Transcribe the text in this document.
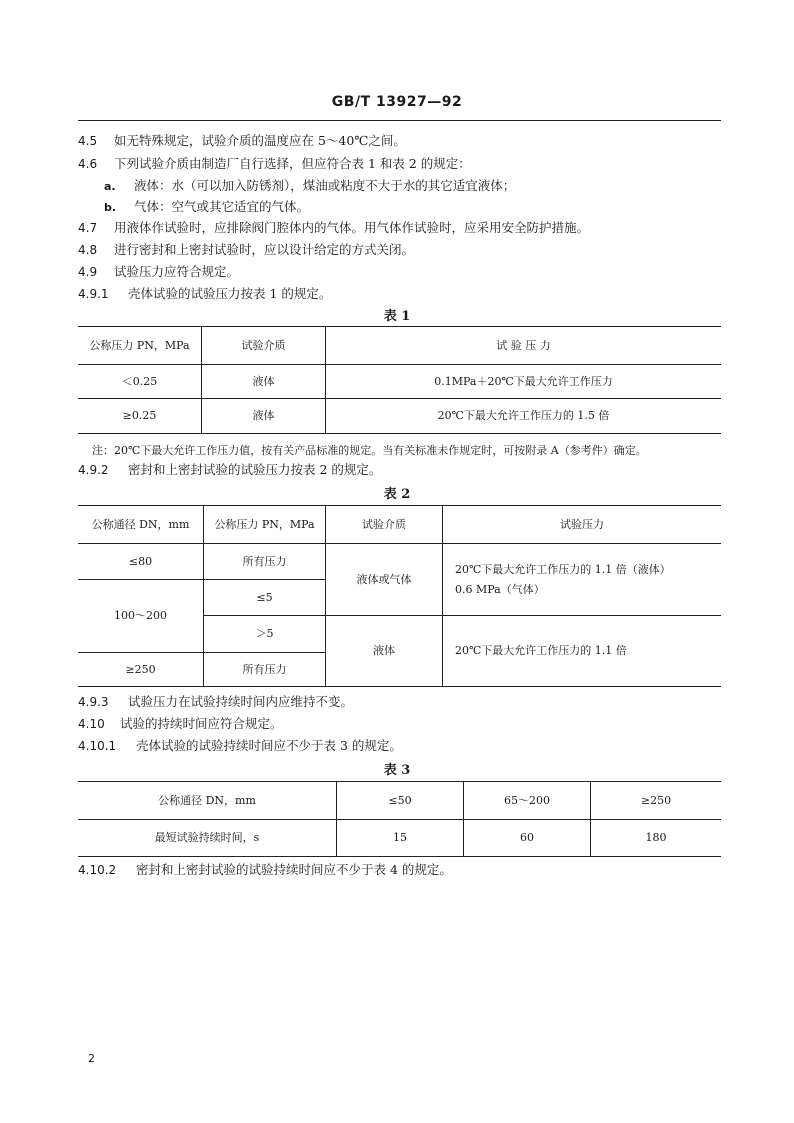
GB/T 13927—92
4.5 如无特殊规定，试验介质的温度应在 5～40℃之间。
4.6 下列试验介质由制造厂自行选择，但应符合表 1 和表 2 的规定：
a. 液体：水（可以加入防锈剂），煤油或粘度不大于水的其它适宜液体；
b. 气体：空气或其它适宜的气体。
4.7 用液体作试验时，应排除阀门腔体内的气体。用气体作试验时，应采用安全防护措施。
4.8 进行密封和上密封试验时，应以设计给定的方式关闭。
4.9 试验压力应符合规定。
4.9.1 壳体试验的试验压力按表 1 的规定。
表 1
公称压力 PN，MPa	试验介质	试 验 压 力
＜0.25	液体	0.1MPa＋20℃下最大允许工作压力
≥0.25	液体	20℃下最大允许工作压力的 1.5 倍
注：20℃下最大允许工作压力值，按有关产品标准的规定。当有关标准未作规定时，可按附录 A（参考件）确定。
4.9.2 密封和上密封试验的试验压力按表 2 的规定。
表 2
公称通径 DN，mm	公称压力 PN，MPa	试验介质	试验压力
≤80	所有压力	液体或气体	20℃下最大允许工作压力的 1.1 倍（液体）
0.6 MPa（气体）

100～200	≤5		
	＞5	液体	20℃下最大允许工作压力的 1.1 倍
≥250	所有压力		
4.9.3 试验压力在试验持续时间内应维持不变。
4.10 试验的持续时间应符合规定。
4.10.1 壳体试验的试验持续时间应不少于表 3 的规定。
表 3
公称通径 DN，mm	≤50	65～200	≥250
最短试验持续时间，s	15	60	180
4.10.2 密封和上密封试验的试验持续时间应不少于表 4 的规定。
2
